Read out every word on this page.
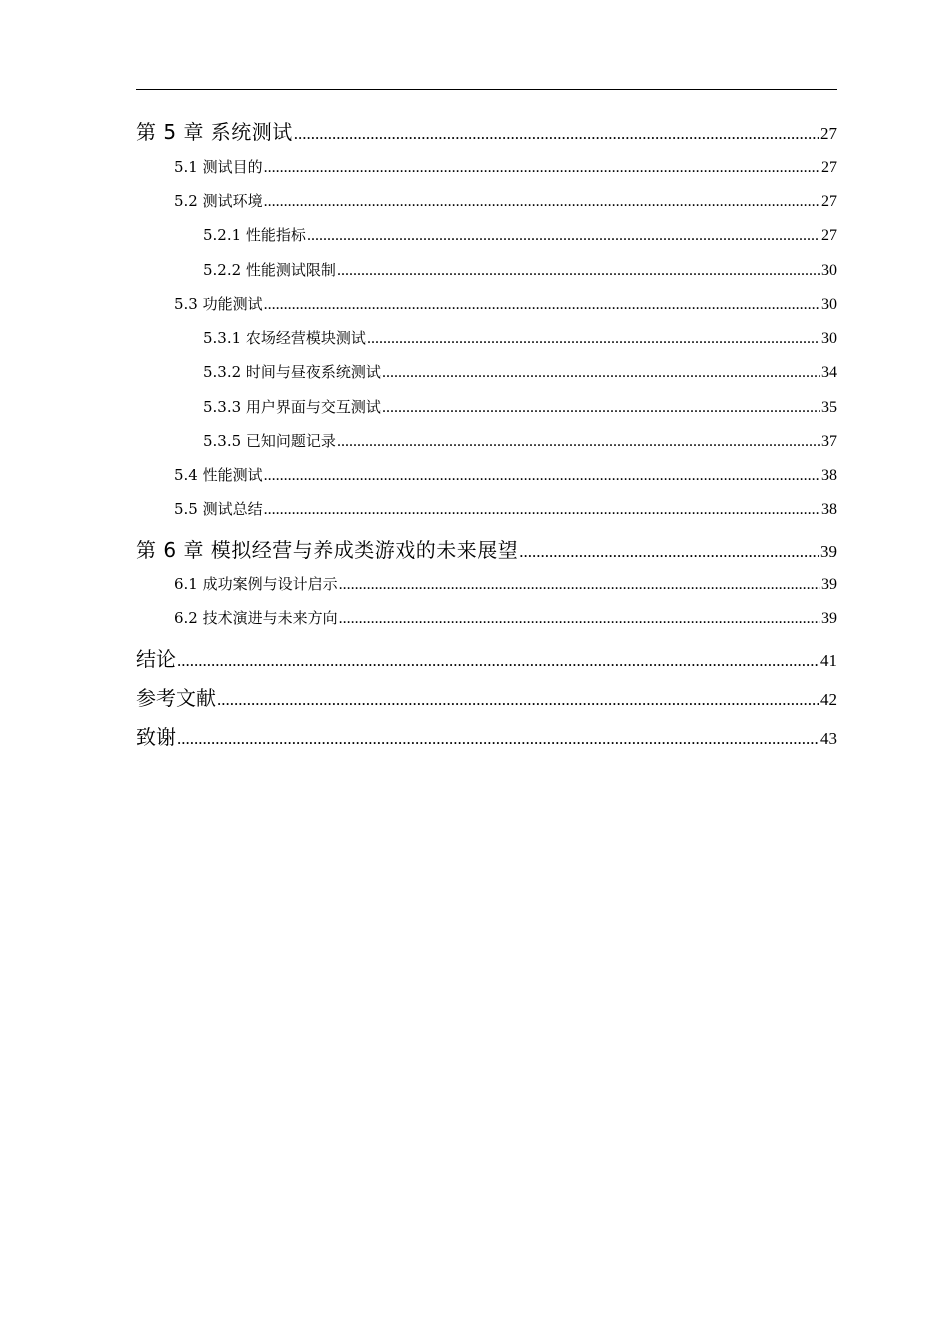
第 5 章 系统测试 .....	27
5.1 测试目的 .....	27
5.2 测试环境 .....	27
5.2.1 性能指标 .....	27
5.2.2 性能测试限制 .....	30
5.3 功能测试 .....	30
5.3.1 农场经营模块测试 .....	30
5.3.2 时间与昼夜系统测试 .....	34
5.3.3 用户界面与交互测试 .....	35
5.3.5 已知问题记录 .....	37
5.4 性能测试 .....	38
5.5 测试总结 .....	38
第 6 章 模拟经营与养成类游戏的未来展望 .....	39
6.1 成功案例与设计启示 .....	39
6.2 技术演进与未来方向 .....	39
结论 .....	41
参考文献 .....	42
致谢 .....	43
